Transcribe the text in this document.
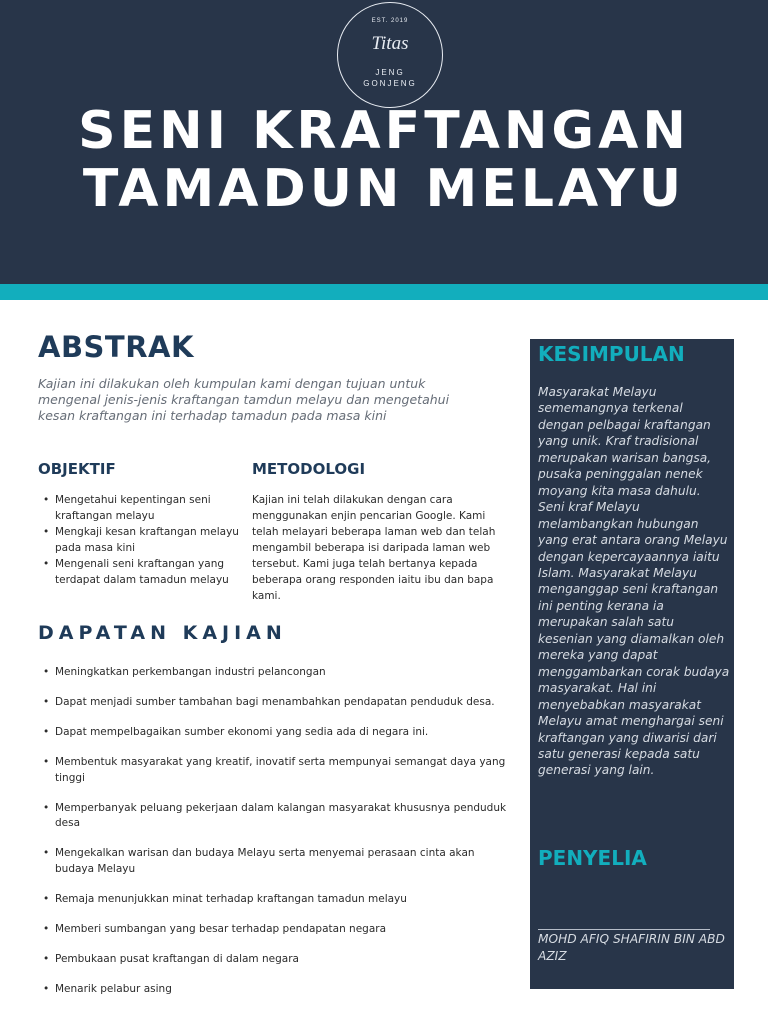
EST. 2019
Titas
JENG
GONJENG
SENI KRAFTANGAN
TAMADUN MELAYU
ABSTRAK

Kajian ini dilakukan oleh kumpulan kami dengan tujuan untuk mengenal jenis-jenis kraftangan tamdun melayu dan mengetahui kesan kraftangan ini terhadap tamadun pada masa kini

OBJEKTIF
• Mengetahui kepentingan seni kraftangan melayu
• Mengkaji kesan kraftangan melayu pada masa kini
• Mengenali seni kraftangan yang terdapat dalam tamadun melayu
METODOLOGI

Kajian ini telah dilakukan dengan cara menggunakan enjin pencarian Google. Kami telah melayari beberapa laman web dan telah mengambil beberapa isi daripada laman web tersebut. Kami juga telah bertanya kepada beberapa orang responden iaitu ibu dan bapa kami.

DAPATAN KAJIAN
• Meningkatkan perkembangan industri pelancongan
• Dapat menjadi sumber tambahan bagi menambahkan pendapatan penduduk desa.
• Dapat mempelbagaikan sumber ekonomi yang sedia ada di negara ini.
• Membentuk masyarakat yang kreatif, inovatif serta mempunyai semangat daya yang tinggi
• Memperbanyak peluang pekerjaan dalam kalangan masyarakat khususnya penduduk desa
• Mengekalkan warisan dan budaya Melayu serta menyemai perasaan cinta akan budaya Melayu
• Remaja menunjukkan minat terhadap kraftangan tamadun melayu
• Memberi sumbangan yang besar terhadap pendapatan negara
• Pembukaan pusat kraftangan di dalam negara
• Menarik pelabur asing
KESIMPULAN

Masyarakat Melayu sememangnya terkenal dengan pelbagai kraftangan yang unik. Kraf tradisional merupakan warisan bangsa, pusaka peninggalan nenek moyang kita masa dahulu. Seni kraf Melayu melambangkan hubungan yang erat antara orang Melayu dengan kepercayaannya iaitu Islam. Masyarakat Melayu menganggap seni kraftangan ini penting kerana ia merupakan salah satu kesenian yang diamalkan oleh mereka yang dapat menggambarkan corak budaya masyarakat. Hal ini menyebabkan masyarakat Melayu amat menghargai seni kraftangan yang diwarisi dari satu generasi kepada satu generasi yang lain.

PENYELIA

MOHD AFIQ SHAFIRIN BIN ABD AZIZ
